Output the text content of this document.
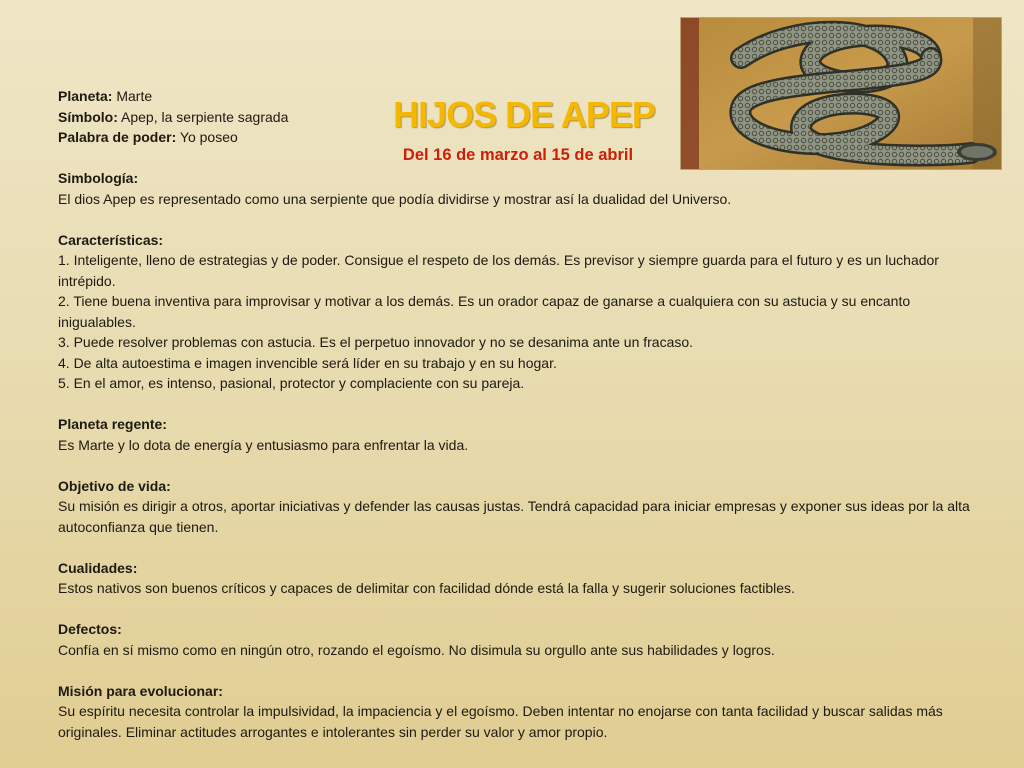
Planeta: Marte
Símbolo: Apep, la serpiente sagrada
Palabra de poder: Yo poseo
HIJOS DE APEP
Del 16 de marzo al 15 de abril

Simbología:

El dios Apep es representado como una serpiente que podía dividirse y mostrar así la dualidad del Universo.

Características:

1. Inteligente, lleno de estrategias y de poder. Consigue el respeto de los demás. Es previsor y siempre guarda para el futuro y es un luchador intrépido.

2. Tiene buena inventiva para improvisar y motivar a los demás. Es un orador capaz de ganarse a cualquiera con su astucia y su encanto inigualables.

3. Puede resolver problemas con astucia. Es el perpetuo innovador y no se desanima ante un fracaso.

4. De alta autoestima e imagen invencible será líder en su trabajo y en su hogar.

5. En el amor, es intenso, pasional, protector y complaciente con su pareja.

Planeta regente:

Es Marte y lo dota de energía y entusiasmo para enfrentar la vida.

Objetivo de vida:

Su misión es dirigir a otros, aportar iniciativas y defender las causas justas. Tendrá capacidad para iniciar empresas y exponer sus ideas por la alta autoconfianza que tienen.

Cualidades:

Estos nativos son buenos críticos y capaces de delimitar con facilidad dónde está la falla y sugerir soluciones factibles.

Defectos:

Confía en sí mismo como en ningún otro, rozando el egoísmo. No disimula su orgullo ante sus habilidades y logros.

Misión para evolucionar:

Su espíritu necesita controlar la impulsividad, la impaciencia y el egoísmo. Deben intentar no enojarse con tanta facilidad y buscar salidas más originales. Eliminar actitudes arrogantes e intolerantes sin perder su valor y amor propio.
